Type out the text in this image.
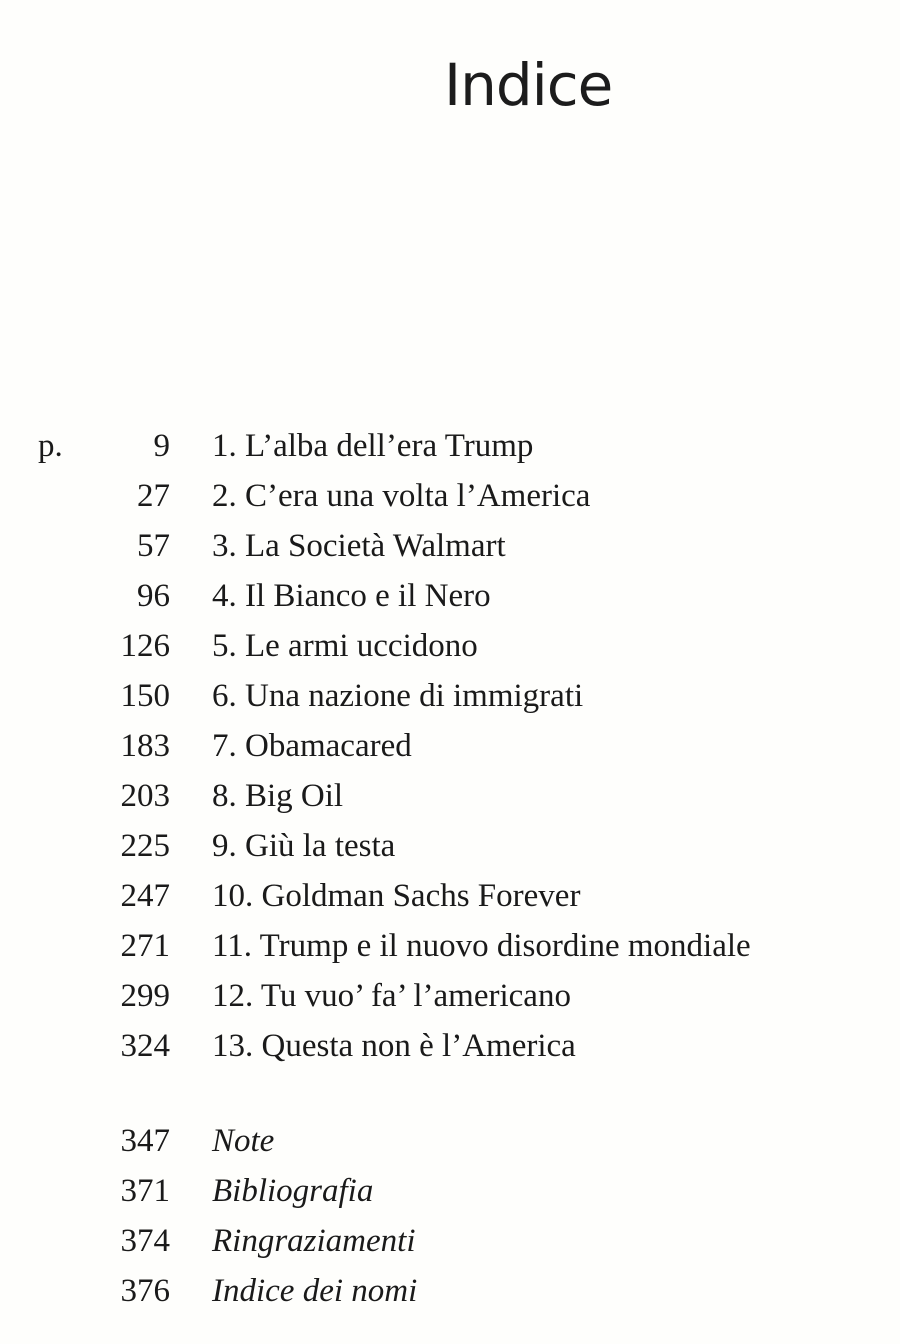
Indice
p.	9 1. L’alba dell’era Trump
27 2. C’era una volta l’America
57 3. La Società Walmart
96 4. Il Bianco e il Nero
126 5. Le armi uccidono
150 6. Una nazione di immigrati
183 7. Obamacared
203 8. Big Oil
225 9. Giù la testa
247 10. Goldman Sachs Forever
271 11. Trump e il nuovo disordine mondiale
299 12. Tu vuo’ fa’ l’americano
324 13. Questa non è l’America
347 Note
371 Bibliografia
374 Ringraziamenti
376 Indice dei nomi
